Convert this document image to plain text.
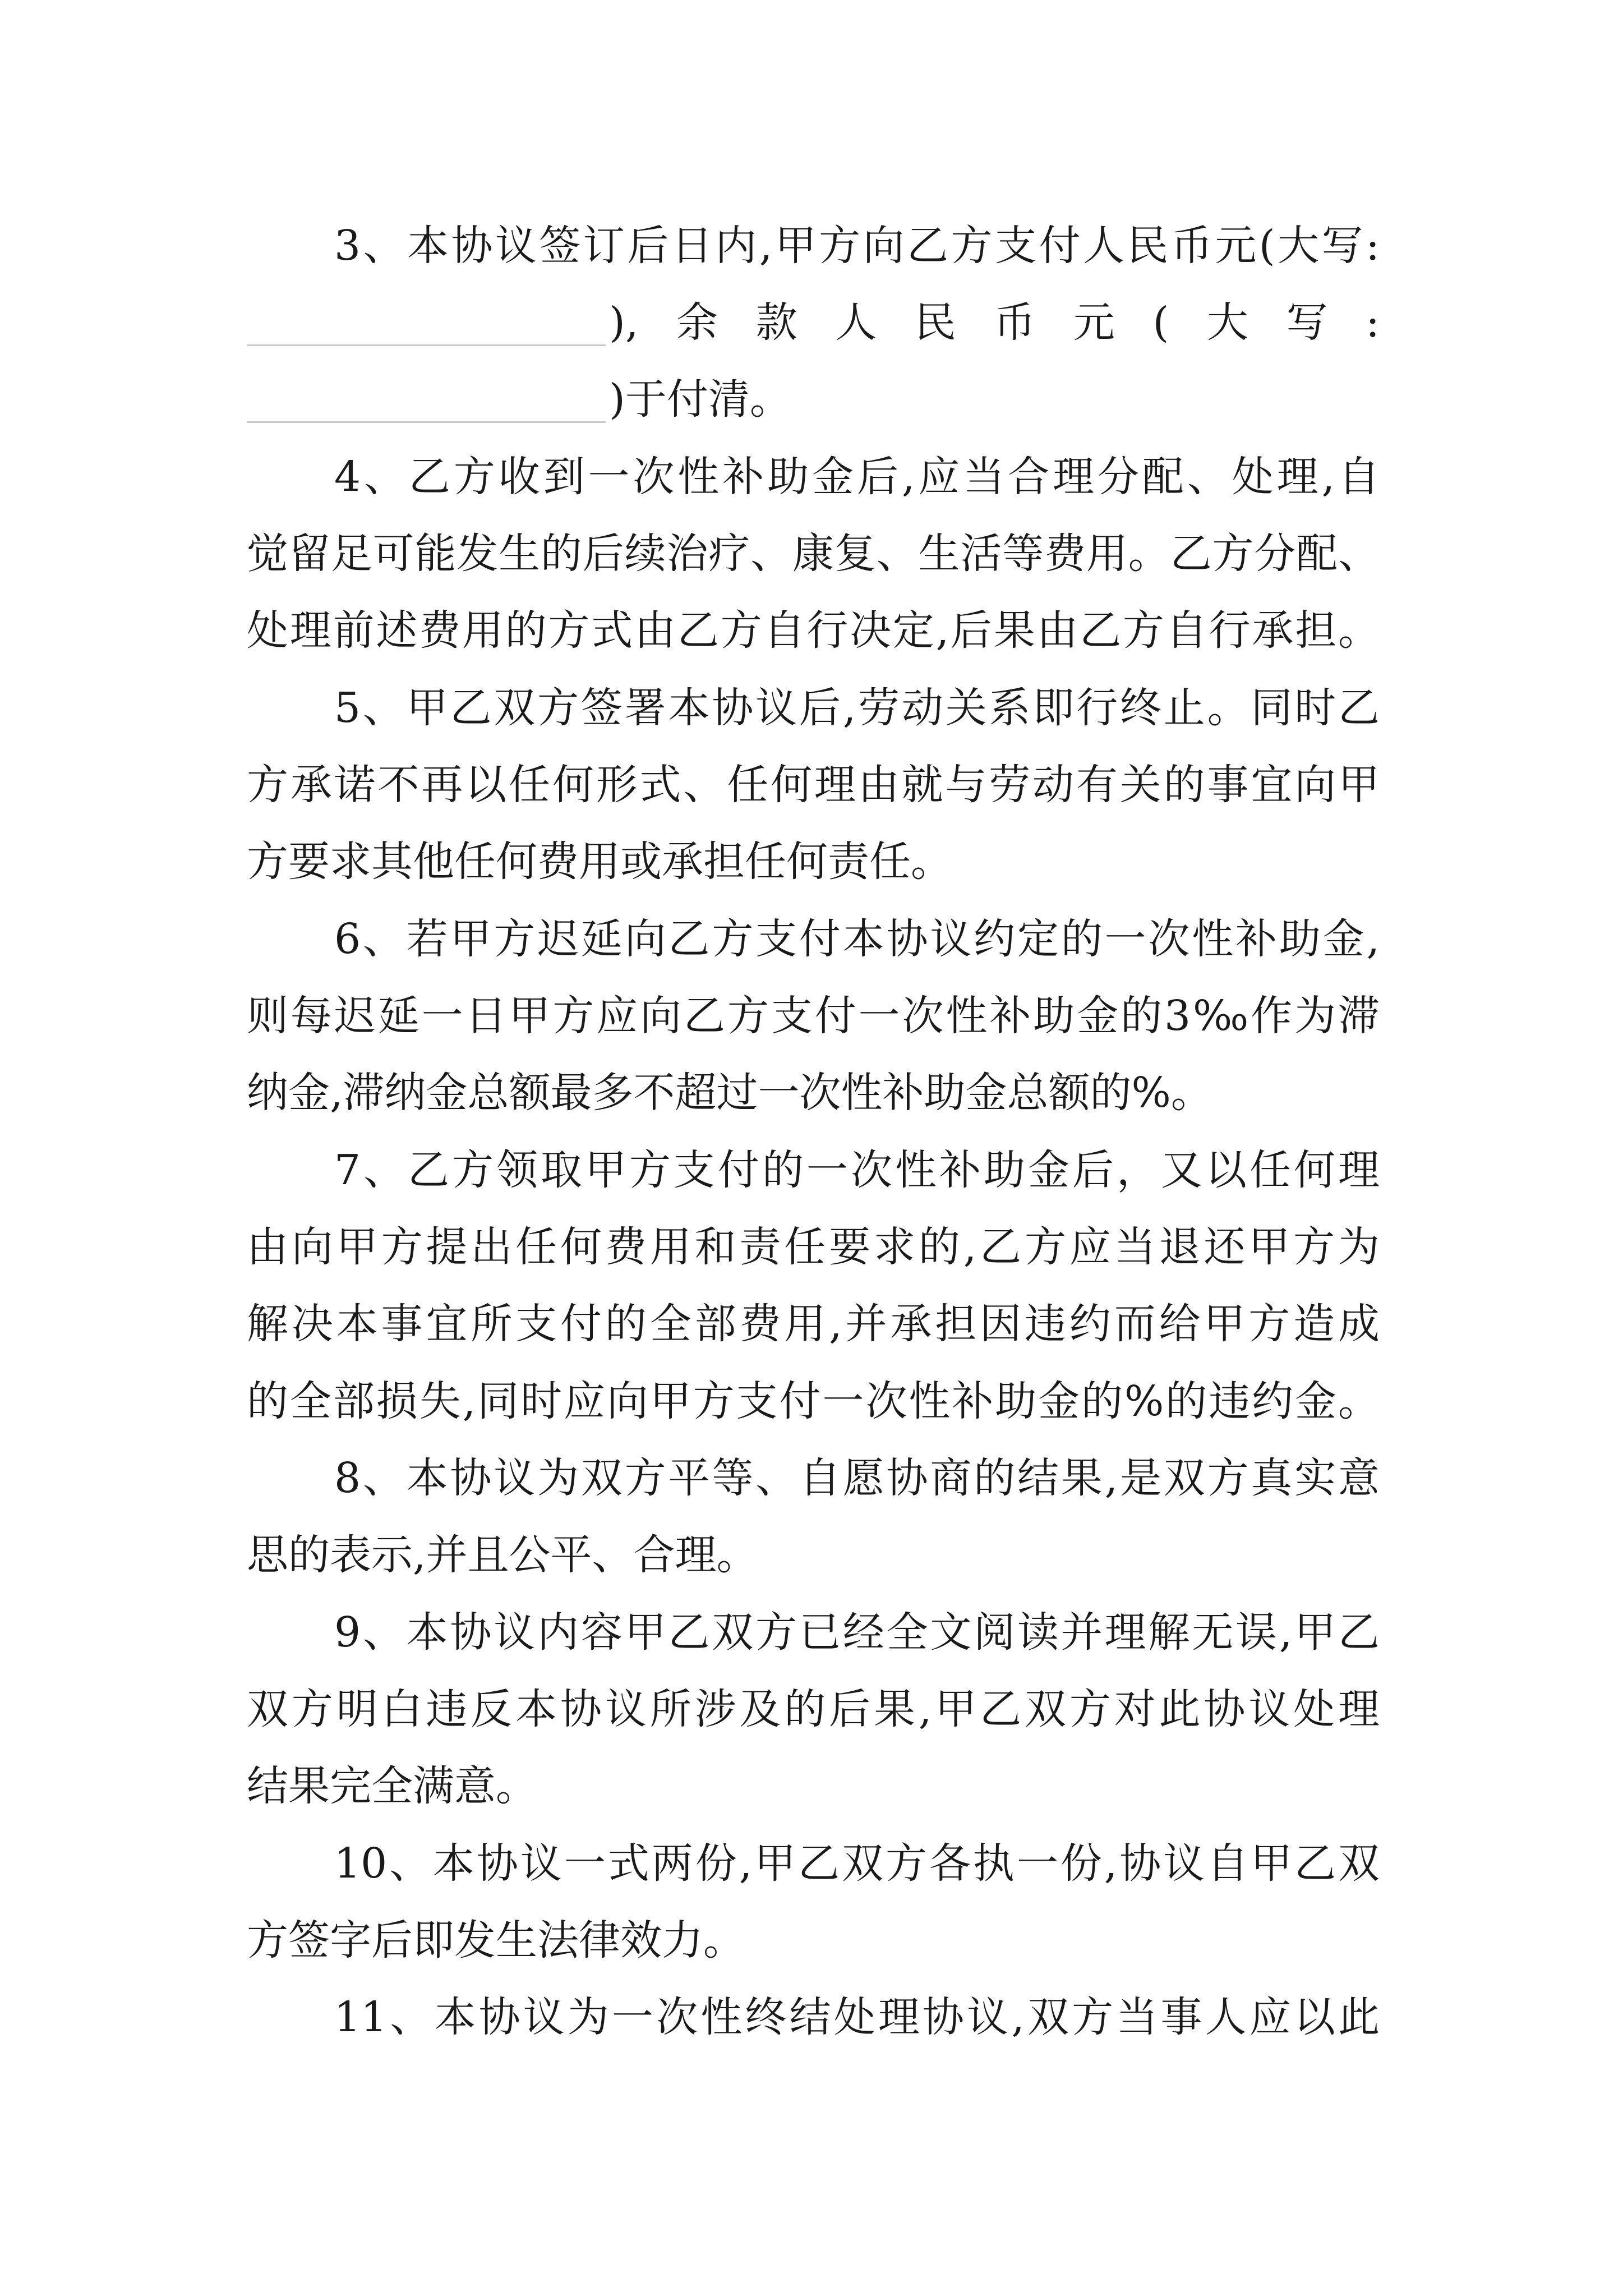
3、本协议签订后日内,甲方向乙方支付人民币元(大写:
), 余 款 人 民 币 元 ( 大 写 :
)于付清。
4、乙方收到一次性补助金后,应当合理分配、处理,自
觉留足可能发生的后续治疗、康复、生活等费用。乙方分配、
处理前述费用的方式由乙方自行决定,后果由乙方自行承担。
5、甲乙双方签署本协议后,劳动关系即行终止。同时乙
方承诺不再以任何形式、任何理由就与劳动有关的事宜向甲
方要求其他任何费用或承担任何责任。
6、若甲方迟延向乙方支付本协议约定的一次性补助金,
则每迟延一日甲方应向乙方支付一次性补助金的3‰作为滞
纳金,滞纳金总额最多不超过一次性补助金总额的%。
7、乙方领取甲方支付的一次性补助金后，又以任何理
由向甲方提出任何费用和责任要求的,乙方应当退还甲方为
解决本事宜所支付的全部费用,并承担因违约而给甲方造成
的全部损失,同时应向甲方支付一次性补助金的%的违约金。
8、本协议为双方平等、自愿协商的结果,是双方真实意
思的表示,并且公平、合理。
9、本协议内容甲乙双方已经全文阅读并理解无误,甲乙
双方明白违反本协议所涉及的后果,甲乙双方对此协议处理
结果完全满意。
10、本协议一式两份,甲乙双方各执一份,协议自甲乙双
方签字后即发生法律效力。
11、本协议为一次性终结处理协议,双方当事人应以此
